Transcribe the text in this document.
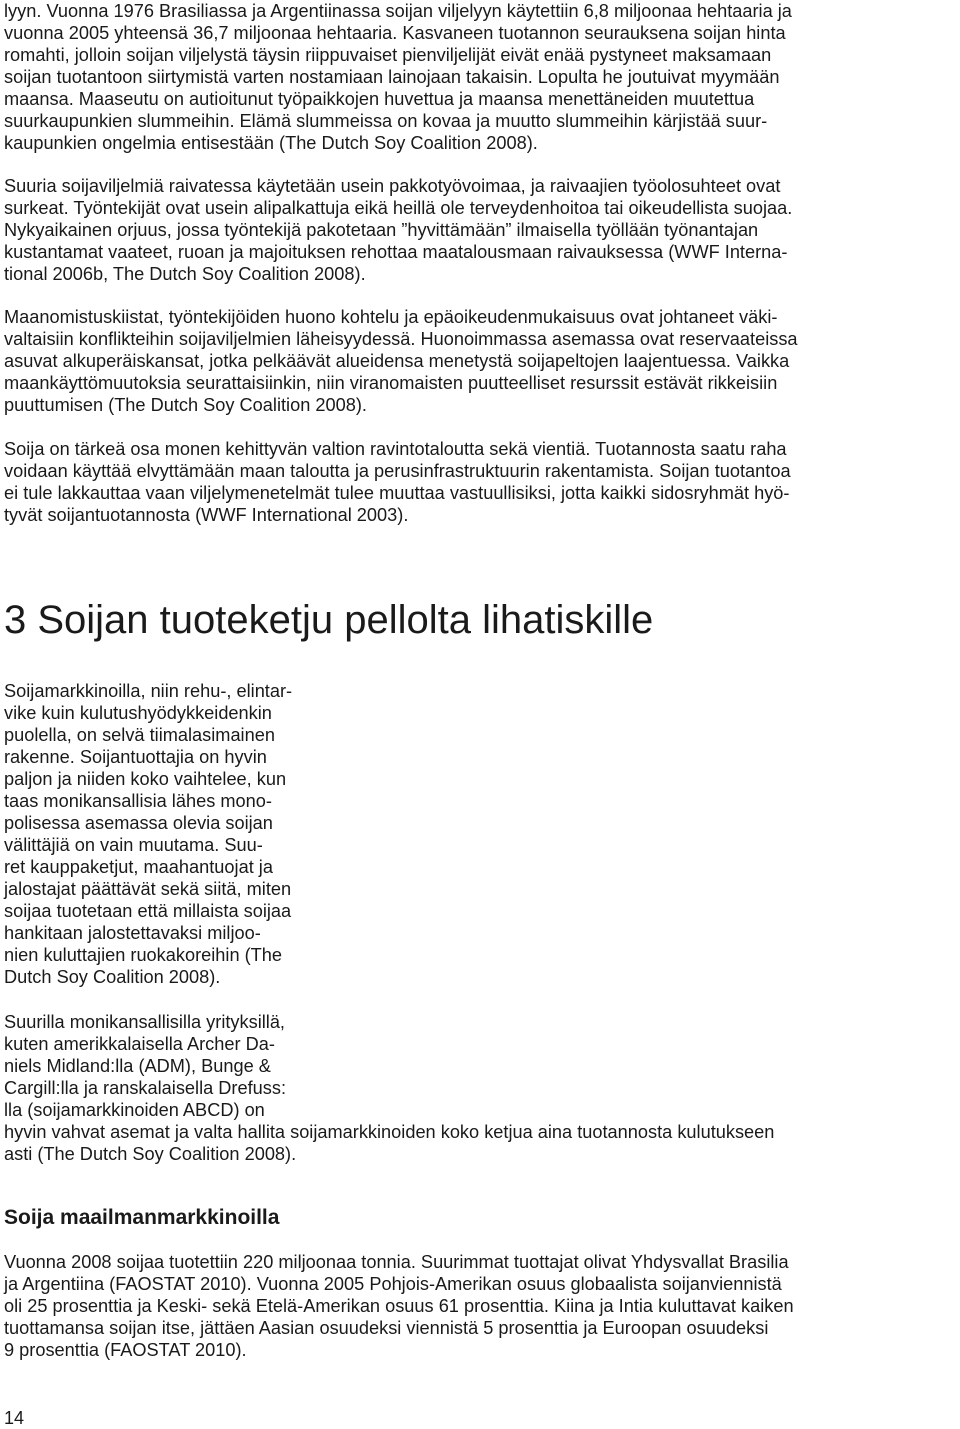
lyyn. Vuonna 1976 Brasiliassa ja Argentiinassa soijan viljelyyn käytettiin 6,8 miljoonaa hehtaaria ja
vuonna 2005 yhteensä 36,7 miljoonaa hehtaaria. Kasvaneen tuotannon seurauksena soijan hinta
romahti, jolloin soijan viljelystä täysin riippuvaiset pienviljelijät eivät enää pystyneet maksamaan
soijan tuotantoon siirtymistä varten nostamiaan lainojaan takaisin. Lopulta he joutuivat myymään
maansa. Maaseutu on autioitunut työpaikkojen huvettua ja maansa menettäneiden muutettua
suurkaupunkien slummeihin. Elämä slummeissa on kovaa ja muutto slummeihin kärjistää suur-
kaupunkien ongelmia entisestään (The Dutch Soy Coalition 2008).
Suuria soijaviljelmiä raivatessa käytetään usein pakkotyövoimaa, ja raivaajien työolosuhteet ovat
surkeat. Työntekijät ovat usein alipalkattuja eikä heillä ole terveydenhoitoa tai oikeudellista suojaa.
Nykyaikainen orjuus, jossa työntekijä pakotetaan ”hyvittämään” ilmaisella työllään työnantajan
kustantamat vaateet, ruoan ja majoituksen rehottaa maatalousmaan raivauksessa (WWF Interna-
tional 2006b, The Dutch Soy Coalition 2008).
Maanomistuskiistat, työntekijöiden huono kohtelu ja epäoikeudenmukaisuus ovat johtaneet väki-
valtaisiin konflikteihin soijaviljelmien läheisyydessä. Huonoimmassa asemassa ovat reservaateissa
asuvat alkuperäiskansat, jotka pelkäävät alueidensa menetystä soijapeltojen laajentuessa. Vaikka
maankäyttömuutoksia seurattaisiinkin, niin viranomaisten puutteelliset resurssit estävät rikkeisiin
puuttumisen (The Dutch Soy Coalition 2008).
Soija on tärkeä osa monen kehittyvän valtion ravintotaloutta sekä vientiä. Tuotannosta saatu raha
voidaan käyttää elvyttämään maan taloutta ja perusinfrastruktuurin rakentamista. Soijan tuotantoa
ei tule lakkauttaa vaan viljelymenetelmät tulee muuttaa vastuullisiksi, jotta kaikki sidosryhmät hyö-
tyvät soijantuotannosta (WWF International 2003).
Soijamarkkinoilla, niin rehu-, elintar-
vike kuin kulutushyödykkeidenkin
puolella, on selvä tiimalasimainen
rakenne. Soijantuottajia on hyvin
paljon ja niiden koko vaihtelee, kun
taas monikansallisia lähes mono-
polisessa asemassa olevia soijan
välittäjiä on vain muutama. Suu-
ret kauppaketjut, maahantuojat ja
jalostajat päättävät sekä siitä, miten
soijaa tuotetaan että millaista soijaa
hankitaan jalostettavaksi miljoo-
nien kuluttajien ruokakoreihin (The
Dutch Soy Coalition 2008).
Suurilla monikansallisilla yrityksillä,
kuten amerikkalaisella Archer Da-
niels Midland:lla (ADM), Bunge &
Cargill:lla ja ranskalaisella Drefuss:
lla (soijamarkkinoiden ABCD) on
hyvin vahvat asemat ja valta hallita soijamarkkinoiden koko ketjua aina tuotannosta kulutukseen
asti (The Dutch Soy Coalition 2008).
Vuonna 2008 soijaa tuotettiin 220 miljoonaa tonnia. Suurimmat tuottajat olivat Yhdysvallat Brasilia
ja Argentiina (FAOSTAT 2010). Vuonna 2005 Pohjois-Amerikan osuus globaalista soijanviennistä
oli 25 prosenttia ja Keski- sekä Etelä-Amerikan osuus 61 prosenttia. Kiina ja Intia kuluttavat kaiken
tuottamansa soijan itse, jättäen Aasian osuudeksi viennistä 5 prosenttia ja Euroopan osuudeksi
9 prosenttia (FAOSTAT 2010).
3 Soijan tuoteketju pellolta lihatiskille
Soija maailmanmarkkinoilla
14
